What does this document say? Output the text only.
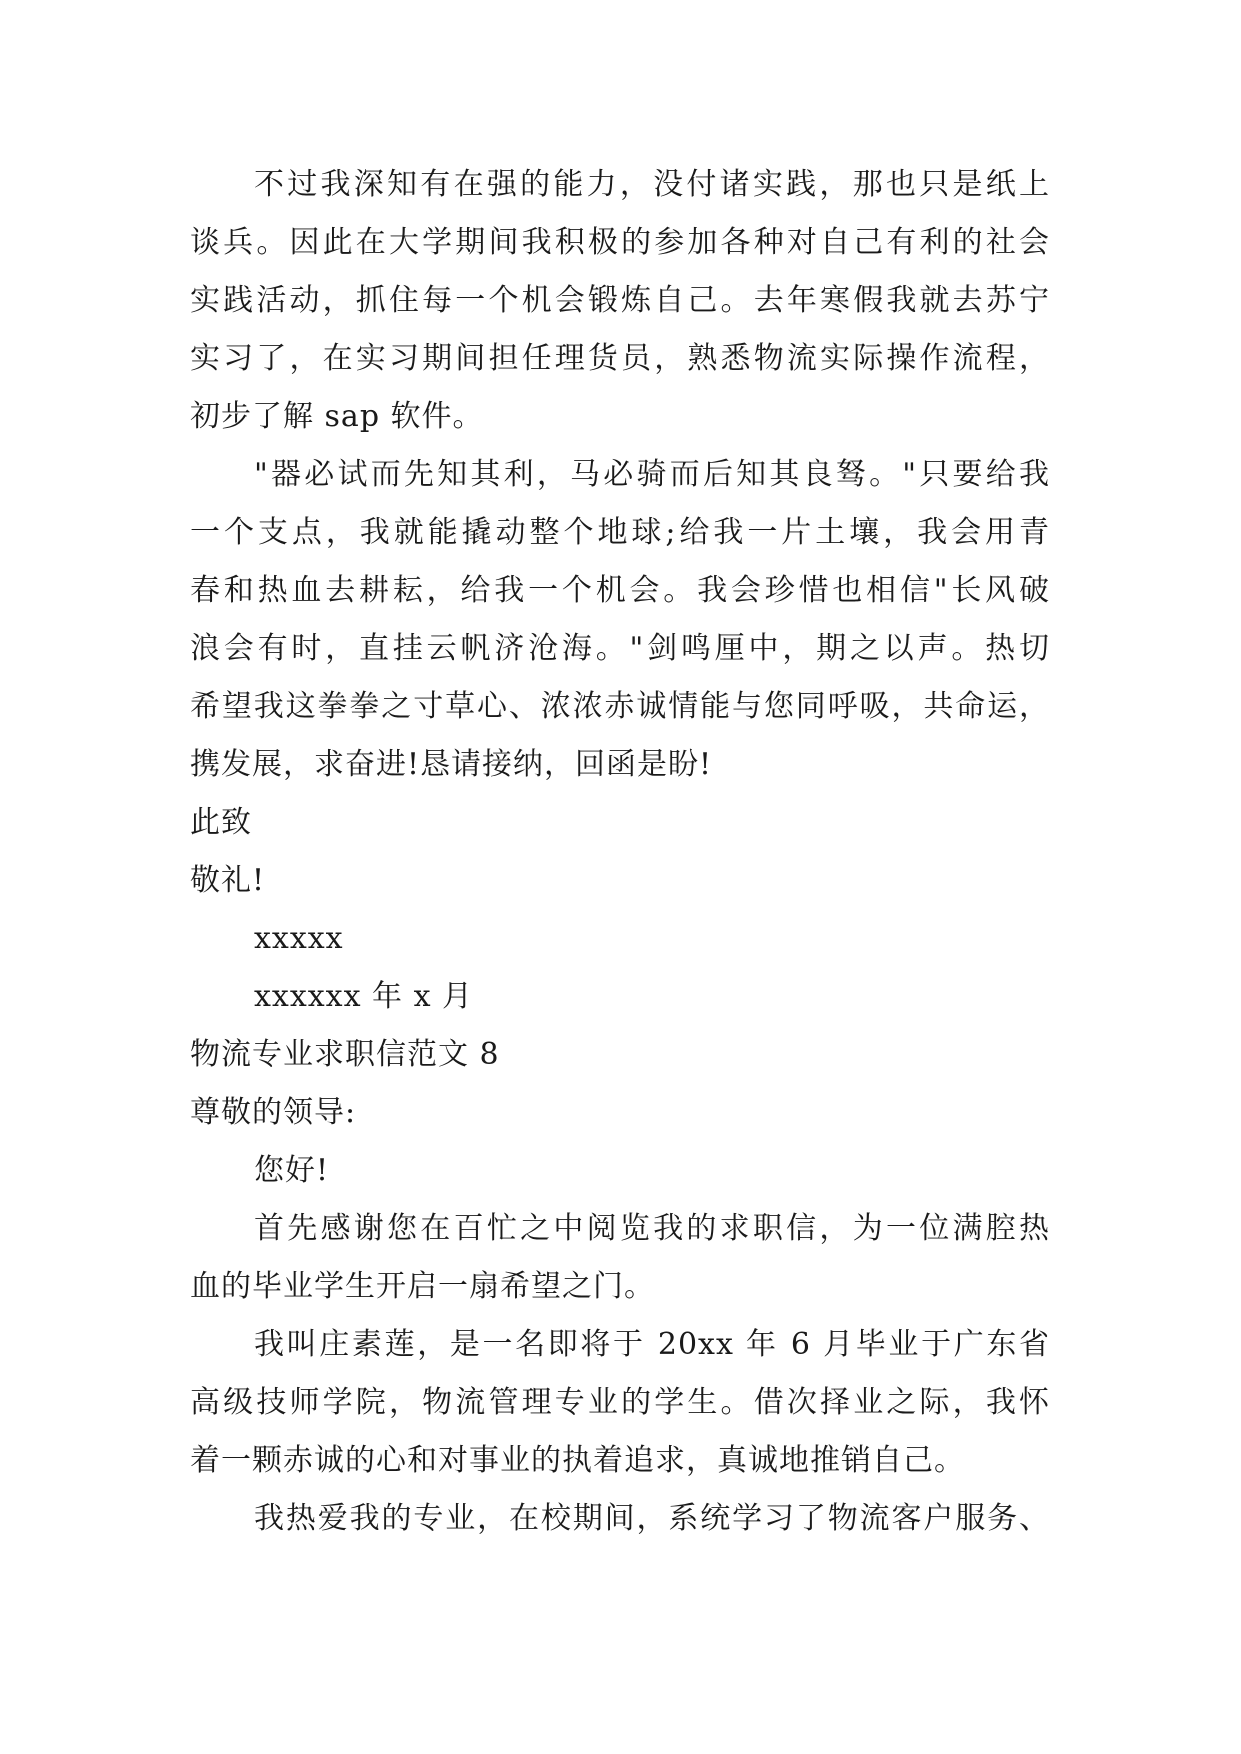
不过我深知有在强的能力，没付诸实践，那也只是纸上
谈兵。因此在大学期间我积极的参加各种对自己有利的社会
实践活动，抓住每一个机会锻炼自己。去年寒假我就去苏宁
实习了，在实习期间担任理货员，熟悉物流实际操作流程，
初步了解 sap 软件。
"器必试而先知其利，马必骑而后知其良驽。"只要给我
一个支点，我就能撬动整个地球;给我一片土壤，我会用青
春和热血去耕耘，给我一个机会。我会珍惜也相信"长风破
浪会有时，直挂云帆济沧海。"剑鸣厘中，期之以声。热切
希望我这拳拳之寸草心、浓浓赤诚情能与您同呼吸，共命运，
携发展，求奋进!恳请接纳，回函是盼!
此致
敬礼!
xxxxx
xxxxxx 年 x 月
物流专业求职信范文 8
尊敬的领导:
您好!
首先感谢您在百忙之中阅览我的求职信，为一位满腔热
血的毕业学生开启一扇希望之门。
我叫庄素莲，是一名即将于 20xx 年 6 月毕业于广东省
高级技师学院，物流管理专业的学生。借次择业之际，我怀
着一颗赤诚的心和对事业的执着追求，真诚地推销自己。
我热爱我的专业，在校期间，系统学习了物流客户服务、
